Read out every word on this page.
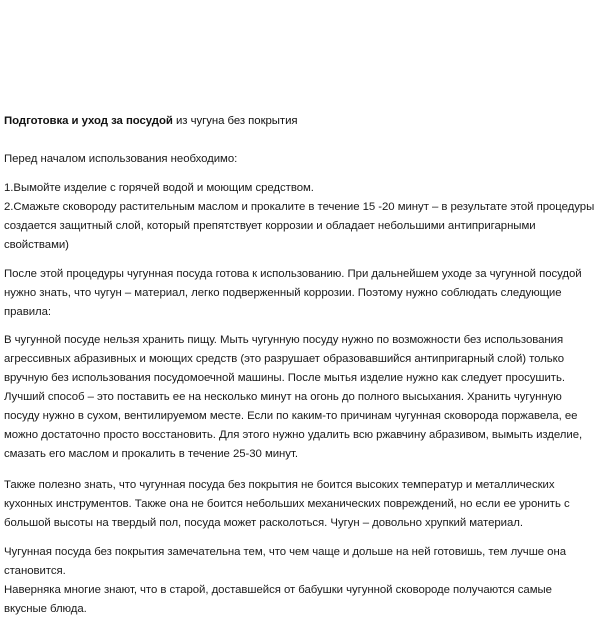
Подготовка и уход за посудой из чугуна без покрытия

Перед началом использования необходимо:

1.Вымойте изделие с горячей водой и моющим средством.

2.Смажьте сковороду растительным маслом и прокалите в течение 15 -20 минут – в результате этой процедуры создается защитный слой, который препятствует коррозии и обладает небольшими антипригарными свойствами)

После этой процедуры чугунная посуда готова к использованию. При дальнейшем уходе за чугунной посудой нужно знать, что чугун – материал, легко подверженный коррозии. Поэтому нужно соблюдать следующие правила:

В чугунной посуде нельзя хранить пищу. Мыть чугунную посуду нужно по возможности без использования агрессивных абразивных и моющих средств (это разрушает образовавшийся антипригарный слой) только вручную без использования посудомоечной машины. После мытья изделие нужно как следует просушить. Лучший способ – это поставить ее на несколько минут на огонь до полного высыхания. Хранить чугунную посуду нужно в сухом, вентилируемом месте. Если по каким-то причинам чугунная сковорода поржавела, ее можно достаточно просто восстановить. Для этого нужно удалить всю ржавчину абразивом, вымыть изделие, смазать его маслом и прокалить в течение 25-30 минут.

Также полезно знать, что чугунная посуда без покрытия не боится высоких температур и металлических кухонных инструментов. Также она не боится небольших механических повреждений, но если ее уронить с большой высоты на твердый пол, посуда может расколоться. Чугун – довольно хрупкий материал.

Чугунная посуда без покрытия замечательна тем, что чем чаще и дольше на ней готовишь, тем лучше она становится.

Наверняка многие знают, что в старой, доставшейся от бабушки чугунной сковороде получаются самые вкусные блюда.
